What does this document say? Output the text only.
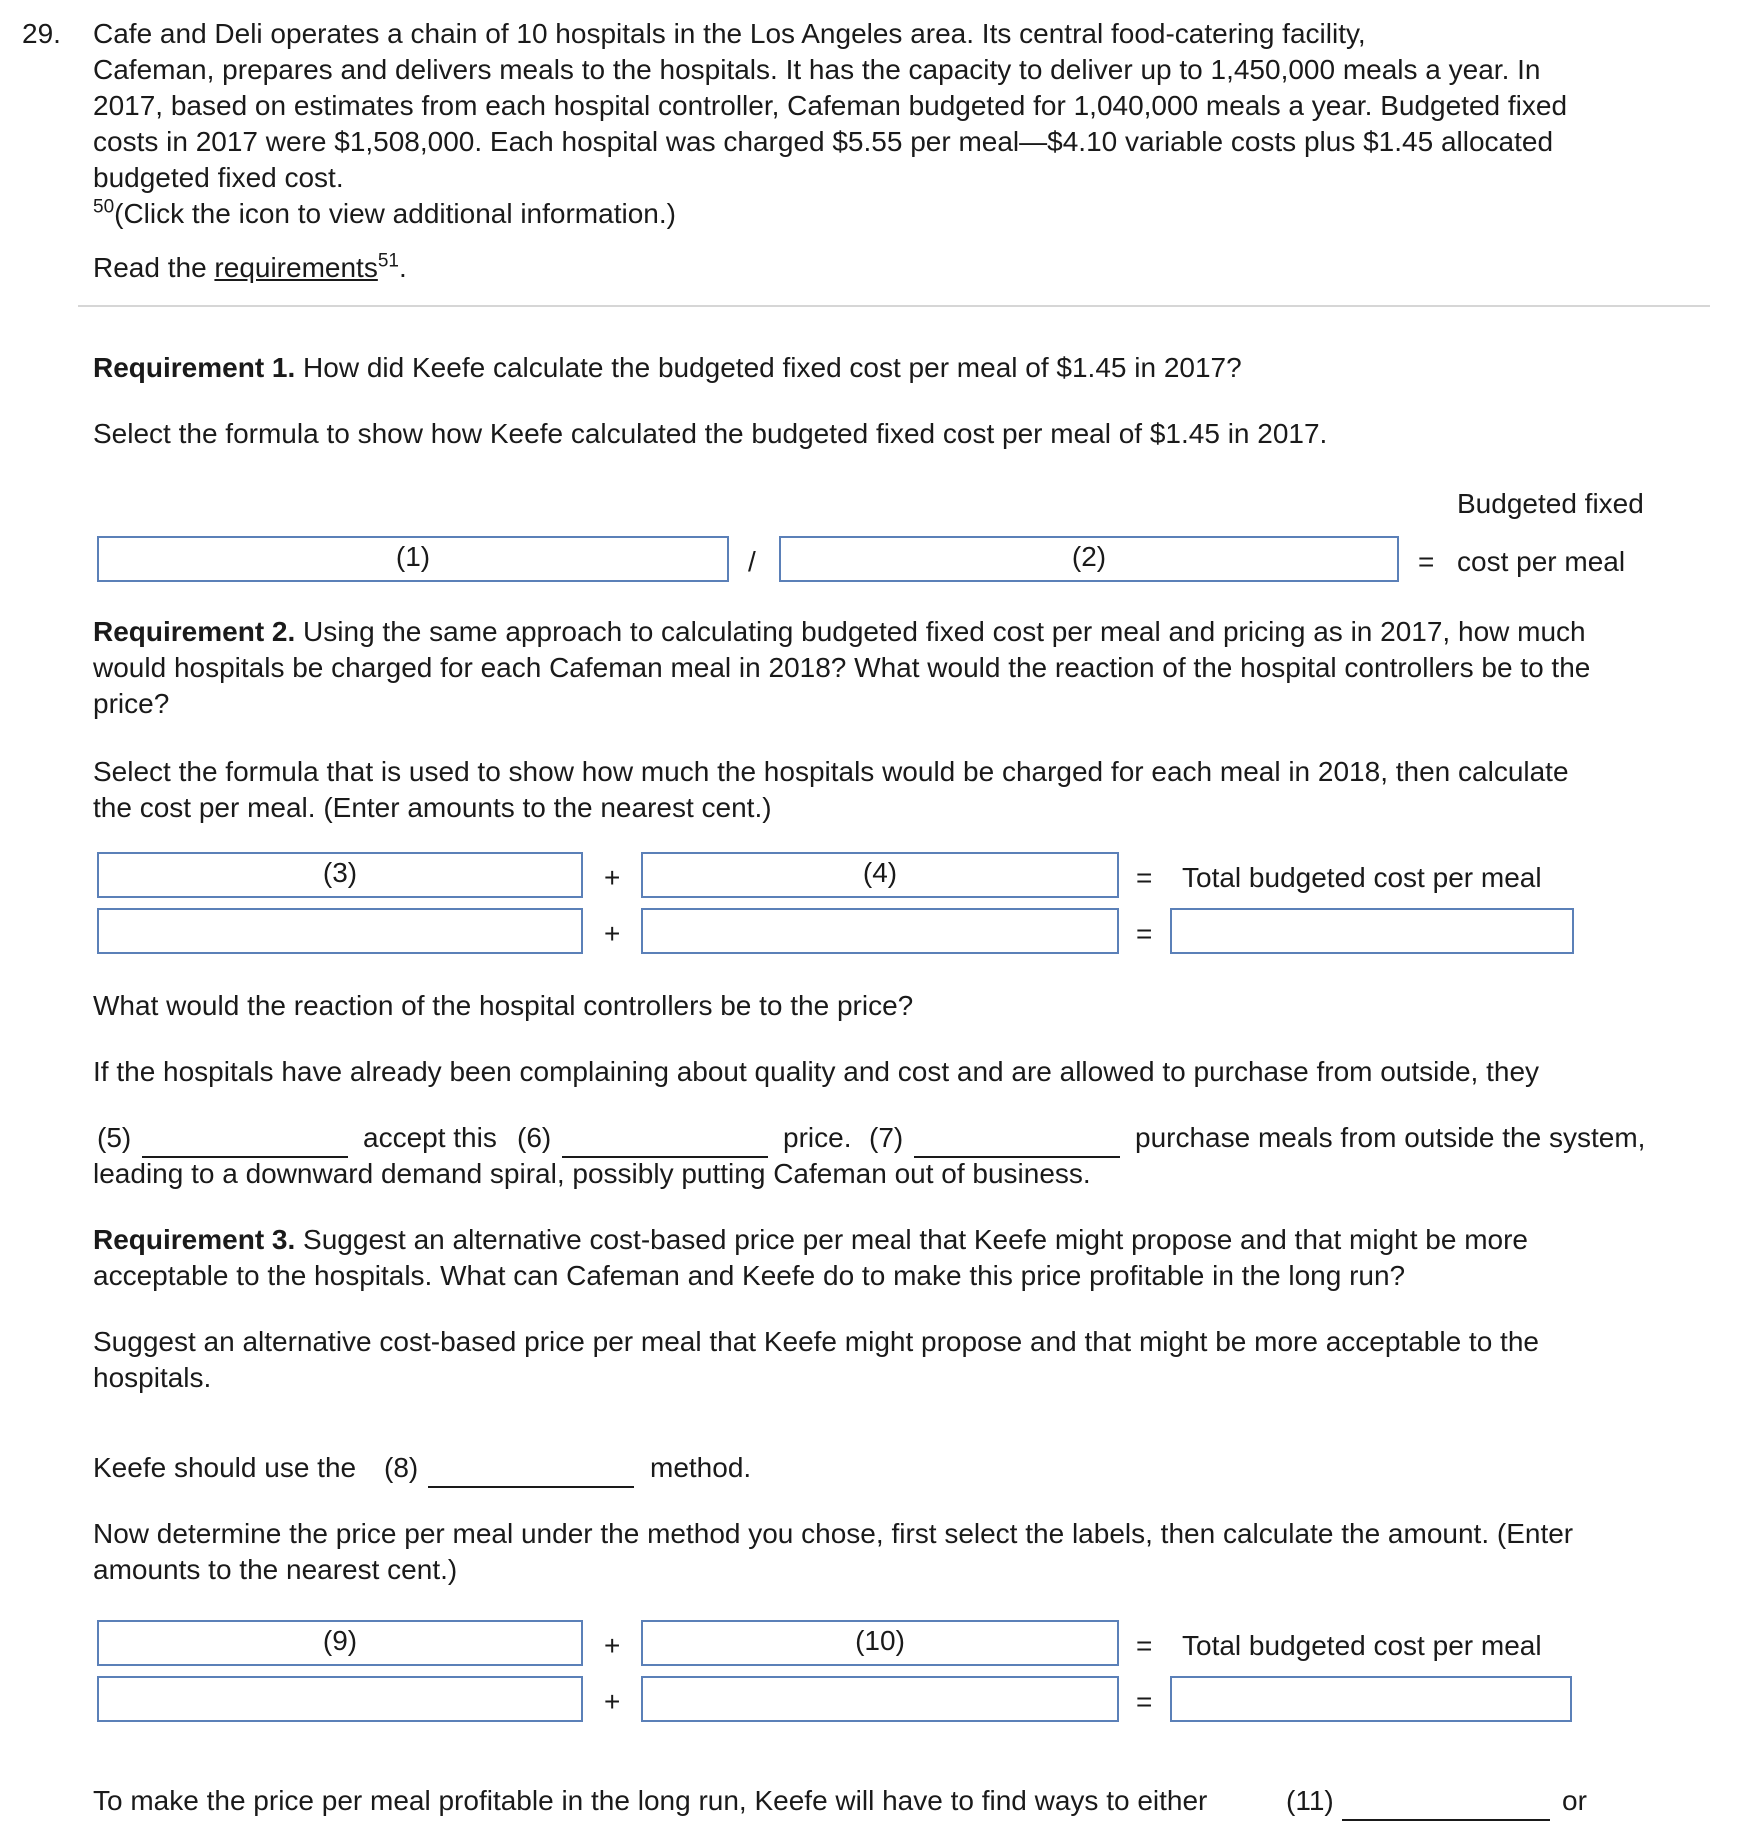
29. Cafe and Deli operates a chain of 10 hospitals in the Los Angeles area. Its central food-catering facility,
Cafeman, prepares and delivers meals to the hospitals. It has the capacity to deliver up to 1,450,000 meals a year. In
2017, based on estimates from each hospital controller, Cafeman budgeted for 1,040,000 meals a year. Budgeted fixed
costs in 2017 were $1,508,000. Each hospital was charged $5.55 per meal—$4.10 variable costs plus $1.45 allocated
budgeted fixed cost.
$^{50}$(Click the icon to view additional information.)
Read the requirements$^{51}$.
Requirement 1. How did Keefe calculate the budgeted fixed cost per meal of $1.45 in 2017?
Select the formula to show how Keefe calculated the budgeted fixed cost per meal of $1.45 in 2017.
Budgeted fixed
(1)	/	(2)	= cost per meal
Requirement 2. Using the same approach to calculating budgeted fixed cost per meal and pricing as in 2017, how much
would hospitals be charged for each Cafeman meal in 2018? What would the reaction of the hospital controllers be to the
price?
Select the formula that is used to show how much the hospitals would be charged for each meal in 2018, then calculate
the cost per meal. (Enter amounts to the nearest cent.)
(3)	+	(4)	= Total budgeted cost per meal
+	=
What would the reaction of the hospital controllers be to the price?
If the hospitals have already been complaining about quality and cost and are allowed to purchase from outside, they
(5)	accept this (6)	price. (7)	purchase meals from outside the system,
leading to a downward demand spiral, possibly putting Cafeman out of business.
Requirement 3. Suggest an alternative cost-based price per meal that Keefe might propose and that might be more
acceptable to the hospitals. What can Cafeman and Keefe do to make this price profitable in the long run?
Suggest an alternative cost-based price per meal that Keefe might propose and that might be more acceptable to the
hospitals.
Keefe should use the (8)	method.
Now determine the price per meal under the method you chose, first select the labels, then calculate the amount. (Enter
amounts to the nearest cent.)
(9)	+	(10)	= Total budgeted cost per meal
+	=
To make the price per meal profitable in the long run, Keefe will have to find ways to either	(11)	or
